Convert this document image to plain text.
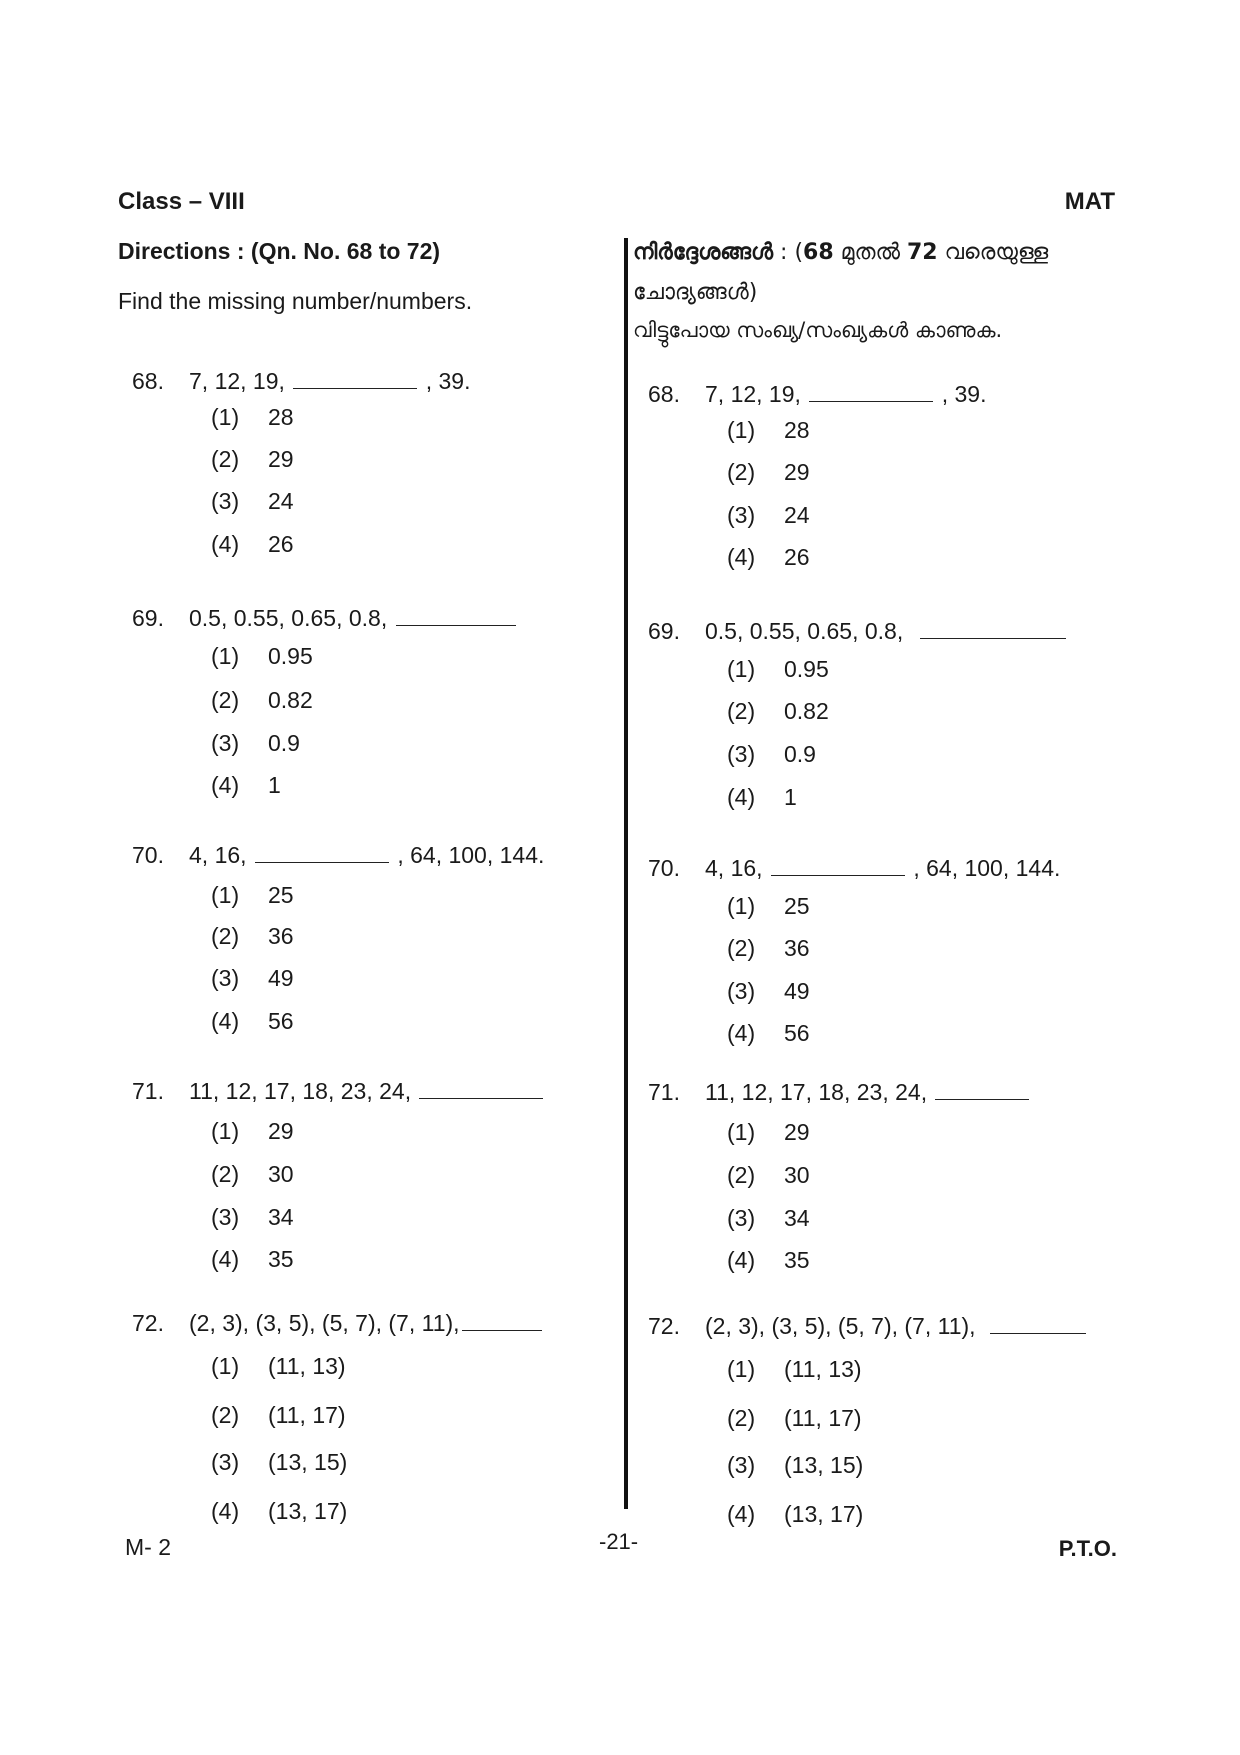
Class – VIII	MAT
Directions : (Qn. No. 68 to 72)
Find the missing number/numbers.
നിർദ്ദേശങ്ങൾ : (68 മുതൽ 72 വരെയുള്ള
ചോദ്യങ്ങൾ)
വിട്ടുപോയ സംഖ്യ/സംഖ്യകൾ കാണുക.
68. 7, 12, 19,	, 39.
(1) 28
(2) 29
(3) 24
(4) 26
69. 0.5, 0.55, 0.65, 0.8,
(1) 0.95
(2) 0.82
(3) 0.9
(4) 1
70. 4, 16,	, 64, 100, 144.
(1) 25
(2) 36
(3) 49
(4) 56
71. 11, 12, 17, 18, 23, 24,
(1) 29
(2) 30
(3) 34
(4) 35
72. (2, 3), (3, 5), (5, 7), (7, 11),
(1) (11, 13)
(2) (11, 17)
(3) (13, 15)
(4) (13, 17)
68. 7, 12, 19,	, 39.
(1) 28
(2) 29
(3) 24
(4) 26
69. 0.5, 0.55, 0.65, 0.8,
(1) 0.95
(2) 0.82
(3) 0.9
(4) 1
70. 4, 16,	, 64, 100, 144.
(1) 25
(2) 36
(3) 49
(4) 56
71. 11, 12, 17, 18, 23, 24,
(1) 29
(2) 30
(3) 34
(4) 35
72. (2, 3), (3, 5), (5, 7), (7, 11),
(1) (11, 13)
(2) (11, 17)
(3) (13, 15)
(4) (13, 17)
M- 2	-21-	P.T.O.
